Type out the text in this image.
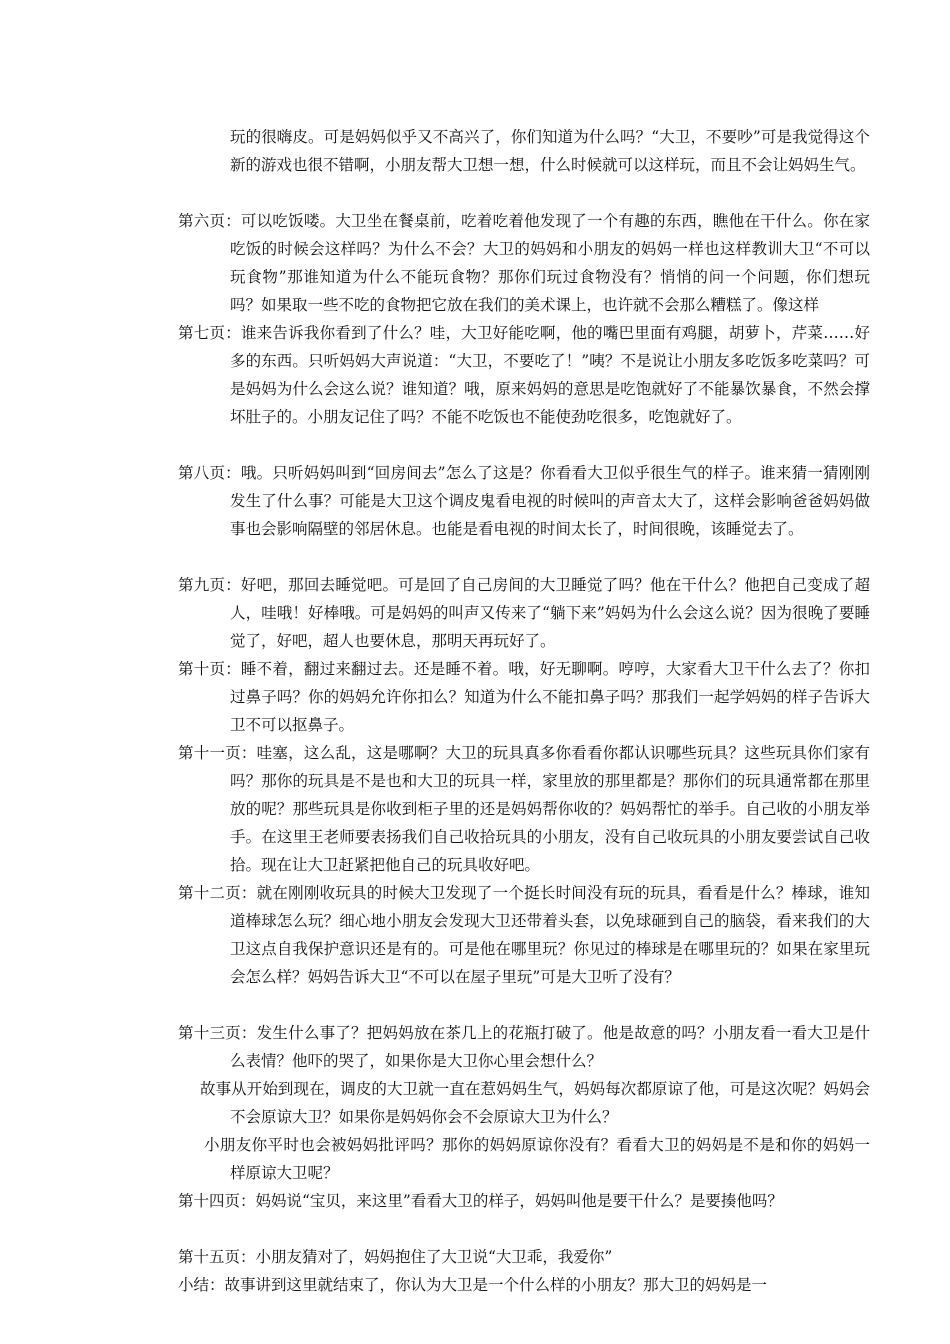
玩的很嗨皮。可是妈妈似乎又不高兴了，你们知道为什么吗？“大卫，不要吵”可是我觉得这个新的游戏也很不错啊，小朋友帮大卫想一想，什么时候就可以这样玩，而且不会让妈妈生气。
第六页：可以吃饭喽。大卫坐在餐桌前，吃着吃着他发现了一个有趣的东西，瞧他在干什么。你在家吃饭的时候会这样吗？为什么不会？大卫的妈妈和小朋友的妈妈一样也这样教训大卫“不可以玩食物”那谁知道为什么不能玩食物？那你们玩过食物没有？悄悄的问一个问题，你们想玩吗？如果取一些不吃的食物把它放在我们的美术课上，也许就不会那么糟糕了。像这样
第七页：谁来告诉我你看到了什么？哇，大卫好能吃啊，他的嘴巴里面有鸡腿，胡萝卜，芹菜……好多的东西。只听妈妈大声说道：“大卫，不要吃了！”咦？不是说让小朋友多吃饭多吃菜吗？可是妈妈为什么会这么说？谁知道？哦，原来妈妈的意思是吃饱就好了不能暴饮暴食，不然会撑坏肚子的。小朋友记住了吗？不能不吃饭也不能使劲吃很多，吃饱就好了。
第八页：哦。只听妈妈叫到“回房间去”怎么了这是？你看看大卫似乎很生气的样子。谁来猜一猜刚刚发生了什么事？可能是大卫这个调皮鬼看电视的时候叫的声音太大了，这样会影响爸爸妈妈做事也会影响隔壁的邻居休息。也能是看电视的时间太长了，时间很晚，该睡觉去了。
第九页：好吧，那回去睡觉吧。可是回了自己房间的大卫睡觉了吗？他在干什么？他把自己变成了超人，哇哦！好棒哦。可是妈妈的叫声又传来了“躺下来”妈妈为什么会这么说？因为很晚了要睡觉了，好吧，超人也要休息，那明天再玩好了。
第十页：睡不着，翻过来翻过去。还是睡不着。哦，好无聊啊。哼哼，大家看大卫干什么去了？你扣过鼻子吗？你的妈妈允许你扣么？知道为什么不能扣鼻子吗？那我们一起学妈妈的样子告诉大卫不可以抠鼻子。
第十一页：哇塞，这么乱，这是哪啊？大卫的玩具真多你看看你都认识哪些玩具？这些玩具你们家有吗？那你的玩具是不是也和大卫的玩具一样，家里放的那里都是？那你们的玩具通常都在那里放的呢？那些玩具是你收到柜子里的还是妈妈帮你收的？妈妈帮忙的举手。自己收的小朋友举手。在这里王老师要表扬我们自己收拾玩具的小朋友，没有自己收玩具的小朋友要尝试自己收拾。现在让大卫赶紧把他自己的玩具收好吧。
第十二页：就在刚刚收玩具的时候大卫发现了一个挺长时间没有玩的玩具，看看是什么？棒球，谁知道棒球怎么玩？细心地小朋友会发现大卫还带着头套，以免球砸到自己的脑袋，看来我们的大卫这点自我保护意识还是有的。可是他在哪里玩？你见过的棒球是在哪里玩的？如果在家里玩会怎么样？妈妈告诉大卫“不可以在屋子里玩”可是大卫听了没有？
第十三页：发生什么事了？把妈妈放在茶几上的花瓶打破了。他是故意的吗？小朋友看一看大卫是什么表情？他吓的哭了，如果你是大卫你心里会想什么？
故事从开始到现在，调皮的大卫就一直在惹妈妈生气，妈妈每次都原谅了他，可是这次呢？妈妈会不会原谅大卫？如果你是妈妈你会不会原谅大卫为什么？
小朋友你平时也会被妈妈批评吗？那你的妈妈原谅你没有？看看大卫的妈妈是不是和你的妈妈一样原谅大卫呢？
第十四页：妈妈说“宝贝，来这里”看看大卫的样子，妈妈叫他是要干什么？是要揍他吗？
第十五页：小朋友猜对了，妈妈抱住了大卫说“大卫乖，我爱你”
小结：故事讲到这里就结束了，你认为大卫是一个什么样的小朋友？那大卫的妈妈是一
